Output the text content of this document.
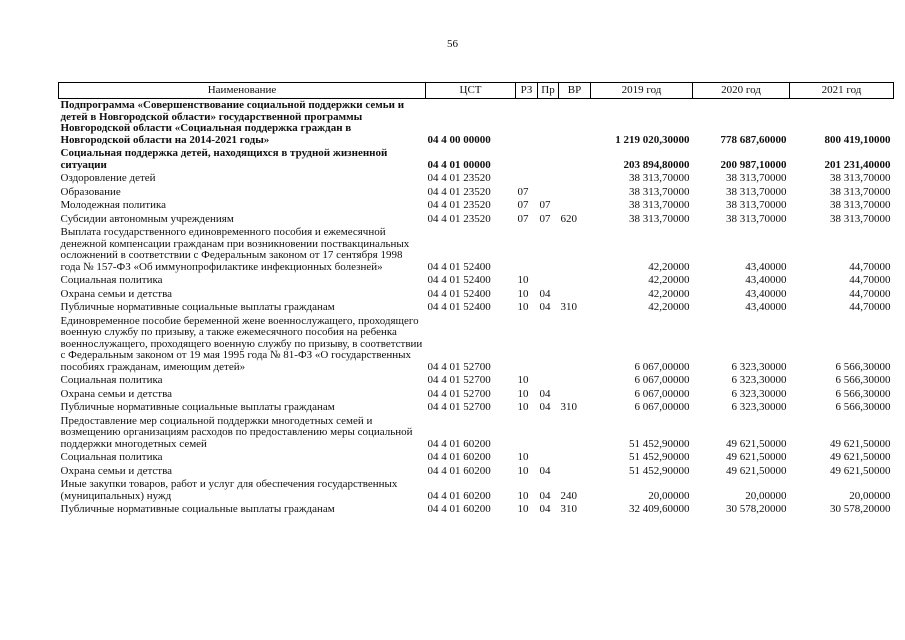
56
Наименование	ЦСТ	РЗ	Пр	ВР	2019 год	2020 год	2021 год
Подпрограмма «Совершенствование социальной поддержки семьи и детей в Новгородской области» государственной программы Новгородской области «Социальная поддержка граждан в Новгородской области на 2014-2021 годы»	04 4 00 00000				1 219 020,30000	778 687,60000	800 419,10000
Социальная поддержка детей, находящихся в трудной жизненной ситуации	04 4 01 00000				203 894,80000	200 987,10000	201 231,40000
Оздоровление детей	04 4 01 23520				38 313,70000	38 313,70000	38 313,70000
Образование	04 4 01 23520	07			38 313,70000	38 313,70000	38 313,70000
Молодежная политика	04 4 01 23520	07	07		38 313,70000	38 313,70000	38 313,70000
Субсидии автономным учреждениям	04 4 01 23520	07	07	620	38 313,70000	38 313,70000	38 313,70000
Выплата государственного единовременного пособия и ежемесячной денежной компенсации гражданам при возникновении поствакцинальных осложнений в соответствии с Федеральным законом от 17 сентября 1998 года № 157-ФЗ «Об иммунопрофилактике инфекционных болезней»	04 4 01 52400				42,20000	43,40000	44,70000
Социальная политика	04 4 01 52400	10			42,20000	43,40000	44,70000
Охрана семьи и детства	04 4 01 52400	10	04		42,20000	43,40000	44,70000
Публичные нормативные социальные выплаты гражданам	04 4 01 52400	10	04	310	42,20000	43,40000	44,70000
Единовременное пособие беременной жене военнослужащего, проходящего военную службу по призыву, а также ежемесячного пособия на ребенка военнослужащего, проходящего военную службу по призыву, в соответствии с Федеральным законом от 19 мая 1995 года № 81-ФЗ «О государственных пособиях гражданам, имеющим детей»	04 4 01 52700				6 067,00000	6 323,30000	6 566,30000
Социальная политика	04 4 01 52700	10			6 067,00000	6 323,30000	6 566,30000
Охрана семьи и детства	04 4 01 52700	10	04		6 067,00000	6 323,30000	6 566,30000
Публичные нормативные социальные выплаты гражданам	04 4 01 52700	10	04	310	6 067,00000	6 323,30000	6 566,30000
Предоставление мер социальной поддержки многодетных семей и возмещению организациям расходов по предоставлению меры социальной поддержки многодетных семей	04 4 01 60200				51 452,90000	49 621,50000	49 621,50000
Социальная политика	04 4 01 60200	10			51 452,90000	49 621,50000	49 621,50000
Охрана семьи и детства	04 4 01 60200	10	04		51 452,90000	49 621,50000	49 621,50000
Иные закупки товаров, работ и услуг для обеспечения государственных (муниципальных) нужд	04 4 01 60200	10	04	240	20,00000	20,00000	20,00000
Публичные нормативные социальные выплаты гражданам	04 4 01 60200	10	04	310	32 409,60000	30 578,20000	30 578,20000
